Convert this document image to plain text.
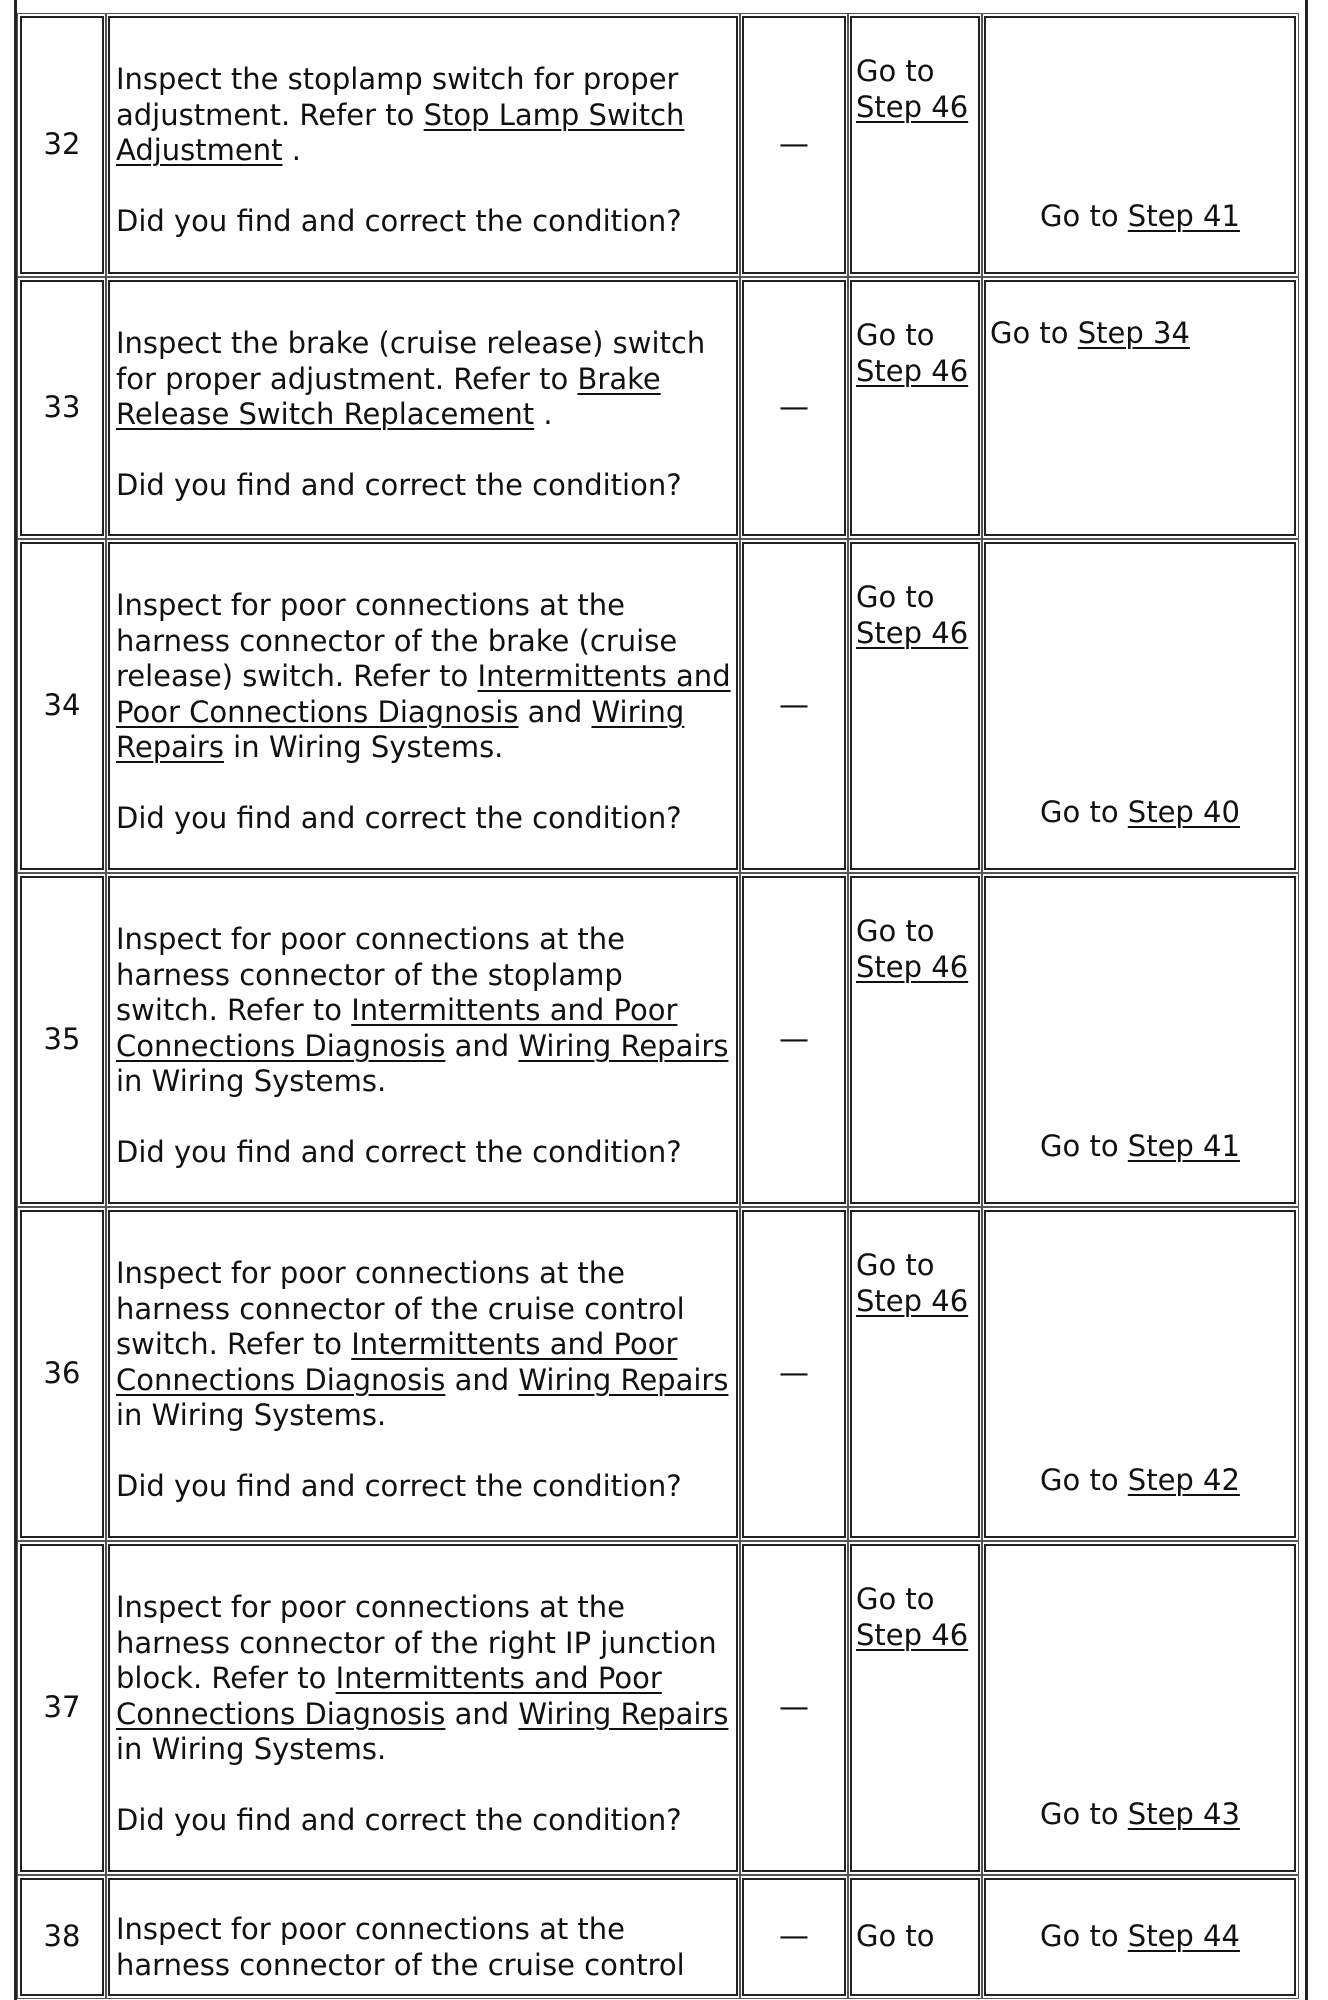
32

Inspect the stoplamp switch for proper adjustment. Refer to Stop Lamp Switch Adjustment .

Did you find and correct the condition?

—
Go to
Step 46
Go to Step 41
33

Inspect the brake (cruise release) switch for proper adjustment. Refer to Brake Release Switch Replacement .

Did you find and correct the condition?

—
Go to
Step 46
Go to Step 34
34

Inspect for poor connections at the harness connector of the brake (cruise release) switch. Refer to Intermittents and Poor Connections Diagnosis and Wiring Repairs in Wiring Systems.

Did you find and correct the condition?

—
Go to
Step 46
Go to Step 40
35

Inspect for poor connections at the harness connector of the stoplamp switch. Refer to Intermittents and Poor Connections Diagnosis and Wiring Repairs in Wiring Systems.

Did you find and correct the condition?

—
Go to
Step 46
Go to Step 41
36

Inspect for poor connections at the harness connector of the cruise control switch. Refer to Intermittents and Poor Connections Diagnosis and Wiring Repairs in Wiring Systems.

Did you find and correct the condition?

—
Go to
Step 46
Go to Step 42
37

Inspect for poor connections at the harness connector of the right IP junction block. Refer to Intermittents and Poor Connections Diagnosis and Wiring Repairs in Wiring Systems.

Did you find and correct the condition?

—
Go to
Step 46
Go to Step 43
38 Inspect for poor connections at the harness connector of the cruise control

— Go to	Go to Step 44
